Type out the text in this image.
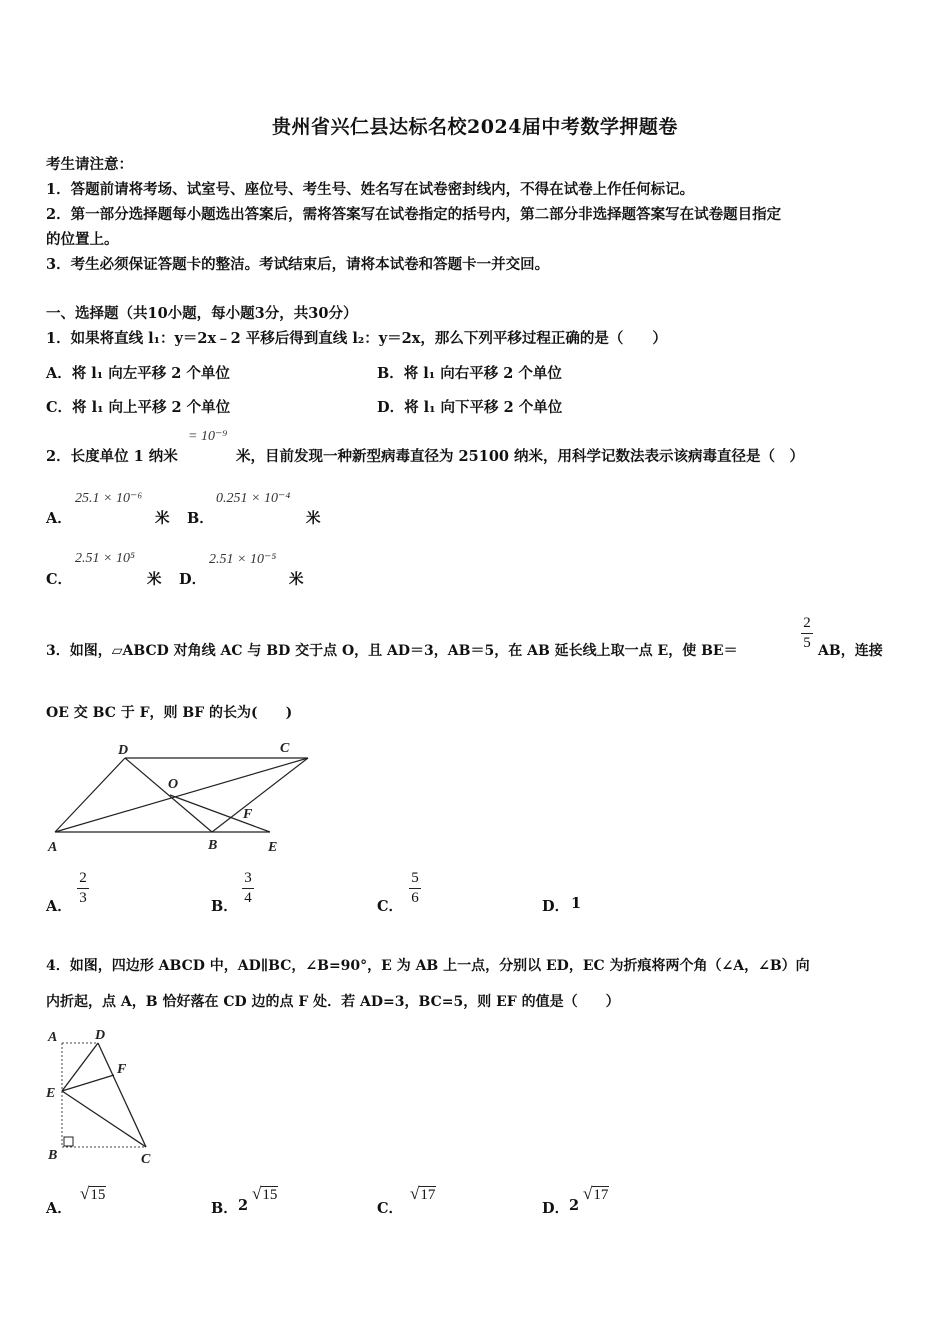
贵州省兴仁县达标名校2024届中考数学押题卷
考生请注意：
1．答题前请将考场、试室号、座位号、考生号、姓名写在试卷密封线内，不得在试卷上作任何标记。
2．第一部分选择题每小题选出答案后，需将答案写在试卷指定的括号内，第二部分非选择题答案写在试卷题目指定
的位置上。
3．考生必须保证答题卡的整洁。考试结束后，请将本试卷和答题卡一并交回。
一、选择题（共10小题，每小题3分，共30分）
1．如果将直线 l₁：y＝2x﹣2 平移后得到直线 l₂：y＝2x，那么下列平移过程正确的是（　　）
A．将 l₁ 向左平移 2 个单位	B．将 l₁ 向右平移 2 个单位
C．将 l₁ 向上平移 2 个单位	D．将 l₁ 向下平移 2 个单位
2．长度单位 1 纳米
= 10⁻⁹
米，目前发现一种新型病毒直径为 25100 纳米，用科学记数法表示该病毒直径是（　）
A．
25.1 × 10⁻⁶
米 B．
0.251 × 10⁻⁴
米
C．
2.51 × 10⁵
米 D．
2.51 × 10⁻⁵
米
3．如图，▱ABCD 对角线 AC 与 BD 交于点 O，且 AD＝3，AB＝5，在 AB 延长线上取一点 E，使 BE＝
2
5 AB，连接
OE 交 BC 于 F，则 BF 的长为(　　)
A
D	C
O
F
B	E
A．
2
3	B．
3
4	C．
5
6	D． 1
4．如图，四边形 ABCD 中，AD∥BC，∠B=90°，E 为 AB 上一点，分别以 ED，EC 为折痕将两个角（∠A，∠B）向
内折起，点 A，B 恰好落在 CD 边的点 F 处．若 AD=3，BC=5，则 EF 的值是（　　）
A	D
F
E
B	C
A．
√15
B． 2
√15
C．
√17
D． 2
√17
